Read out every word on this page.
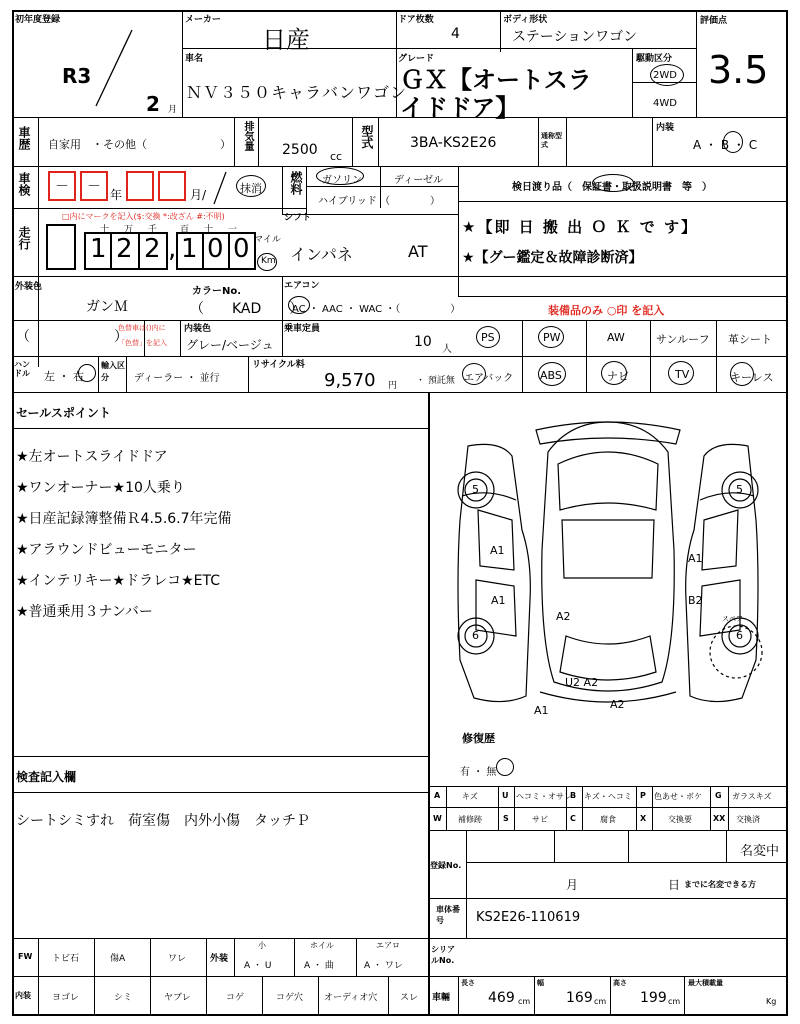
初年度登録
R3
2 月
メーカー
日産
ドア枚数
4
ボディ形状
ステーションワゴン
評価点
3.5
車名
ＮＶ３５０キャラバンワゴン
グレード
ＧＸ【オートスラ
イドドア】
駆動区分
2WD
4WD
車歴 自家用　・その他（	） 排気量 2500 cc
型式	3BA-KS2E26	通称型式
内装
A ・ B ・ C
車検 － － 年	月/	抹消 燃料 ガソリン	ディーゼル
ハイブリッド （　　　　）
検日渡り品（　保証書・取扱説明書　等　）
走行
□内にマークを記入($:交換 *:改ざん #:不明)
十 万 千	百 十 一
1 2 2 , 1 0 0 マイル
Km
シフト
インパネ	AT
★【即 日 搬 出 Ｏ Ｋ で す】
★【グー鑑定＆故障診断済】
外装色
ガンＭ
カラーNo.
（　　KAD　　）
エアコン
AC ・ AAC ・ WAC ・（　　　　　）	装備品のみ ○印 を記入
（　　　　　　）
色替車は()内に
「色替」を記入
内装色
グレー/ベージュ
乗車定員
10 人
PS	PW	AW	サンルーフ 革シート
ハンドル	左 ・ 右
輸入区分	ディーラー ・ 並行
リサイクル料
9,570 円 ・ 預託無 エアバック ABS	ナビ	TV	キーレス
セールスポイント
★左オートスライドドア
★ワンオーナー★10人乗り
★日産記録簿整備Ｒ4.5.6.7年完備
★アラウンドビューモニター
★インテリキー★ドラレコ★ETC
★普通乗用３ナンバー
検査記入欄
シートシミすれ　荷室傷　内外小傷　タッチＰ
5	5
6	6
A1
A1
A1	B2
A2
U2 A2
A1	A2
スペア
修復歴
有 ・ 無
A	キズ	U ヘコミ・オサレ
B キズ・ヘコミ P 色あせ・ボケ G ガラスキズ
W 補修跡	S	サビ	C	腐食	X	交換要	XX 交換済
登録No.
名変中
月	日 までに名変できる方
車体番号	KS2E26-110619
FW トビ石	傷A	ワレ	外装
小
A ・ U
ホイル
A ・ 曲
エアロ
A ・ ワレ
シリアルNo.
内装 ヨゴレ	シミ	ヤブレ	コゲ	コゲ穴 オーディオ穴	スレ 車輛
長さ
469 cm
幅
169 cm
高さ
199 cm
最大積載量
Kg
